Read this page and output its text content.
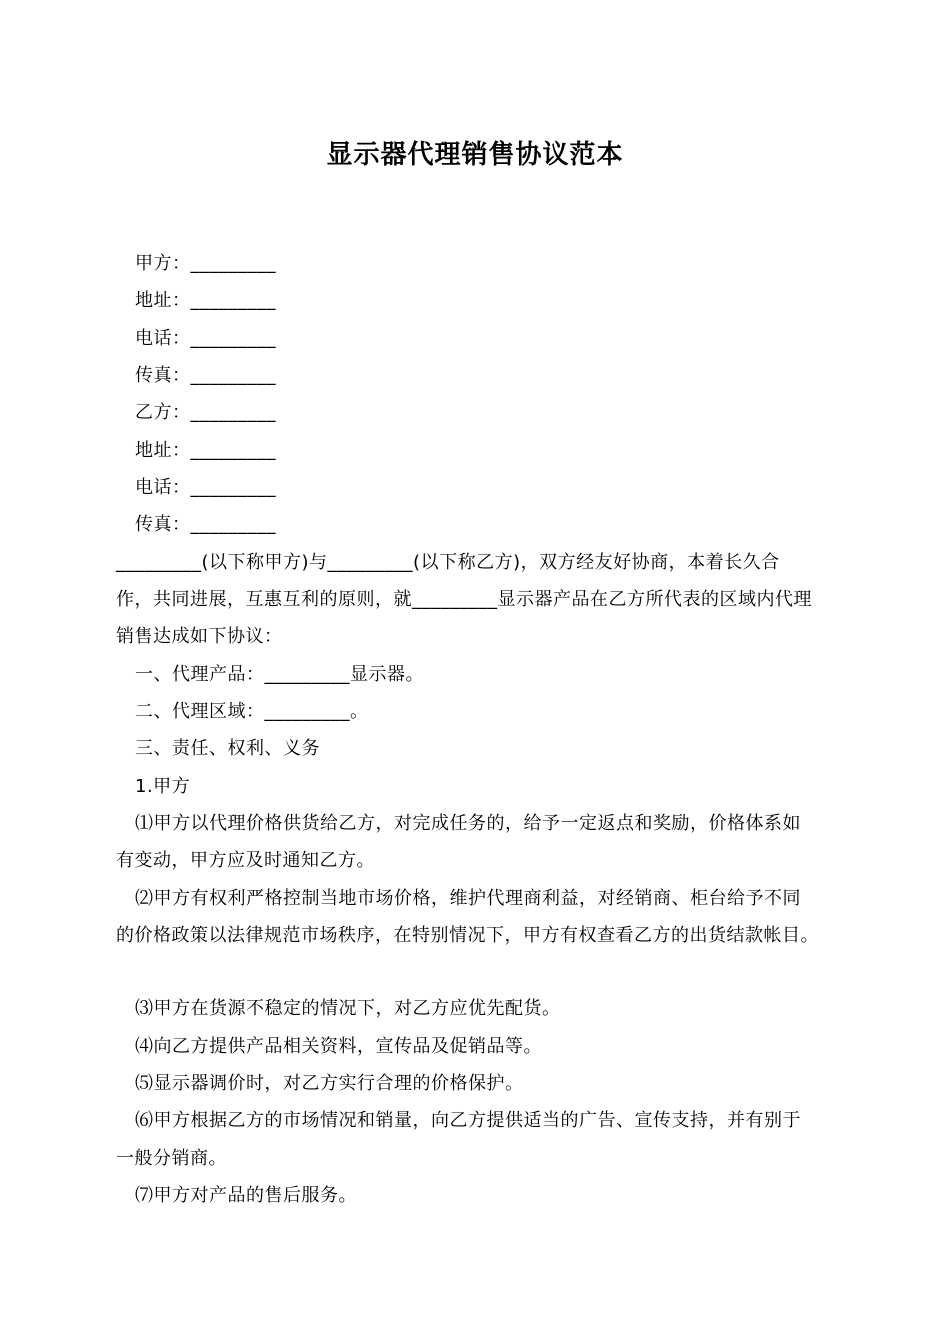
显示器代理销售协议范本
甲方：_________
地址：_________
电话：_________
传真：_________
乙方：_________
地址：_________
电话：_________
传真：_________
_________(以下称甲方)与_________(以下称乙方)，双方经友好协商，本着长久合
作，共同进展，互惠互利的原则，就_________显示器产品在乙方所代表的区域内代理
销售达成如下协议：
一、代理产品：_________显示器。
二、代理区域：_________。
三、责任、权利、义务
1.甲方
⑴甲方以代理价格供货给乙方，对完成任务的，给予一定返点和奖励，价格体系如
有变动，甲方应及时通知乙方。
⑵甲方有权利严格控制当地市场价格，维护代理商利益，对经销商、柜台给予不同
的价格政策以法律规范市场秩序，在特别情况下，甲方有权查看乙方的出货结款帐目。
⑶甲方在货源不稳定的情况下，对乙方应优先配货。
⑷向乙方提供产品相关资料，宣传品及促销品等。
⑸显示器调价时，对乙方实行合理的价格保护。
⑹甲方根据乙方的市场情况和销量，向乙方提供适当的广告、宣传支持，并有别于
一般分销商。
⑺甲方对产品的售后服务。
